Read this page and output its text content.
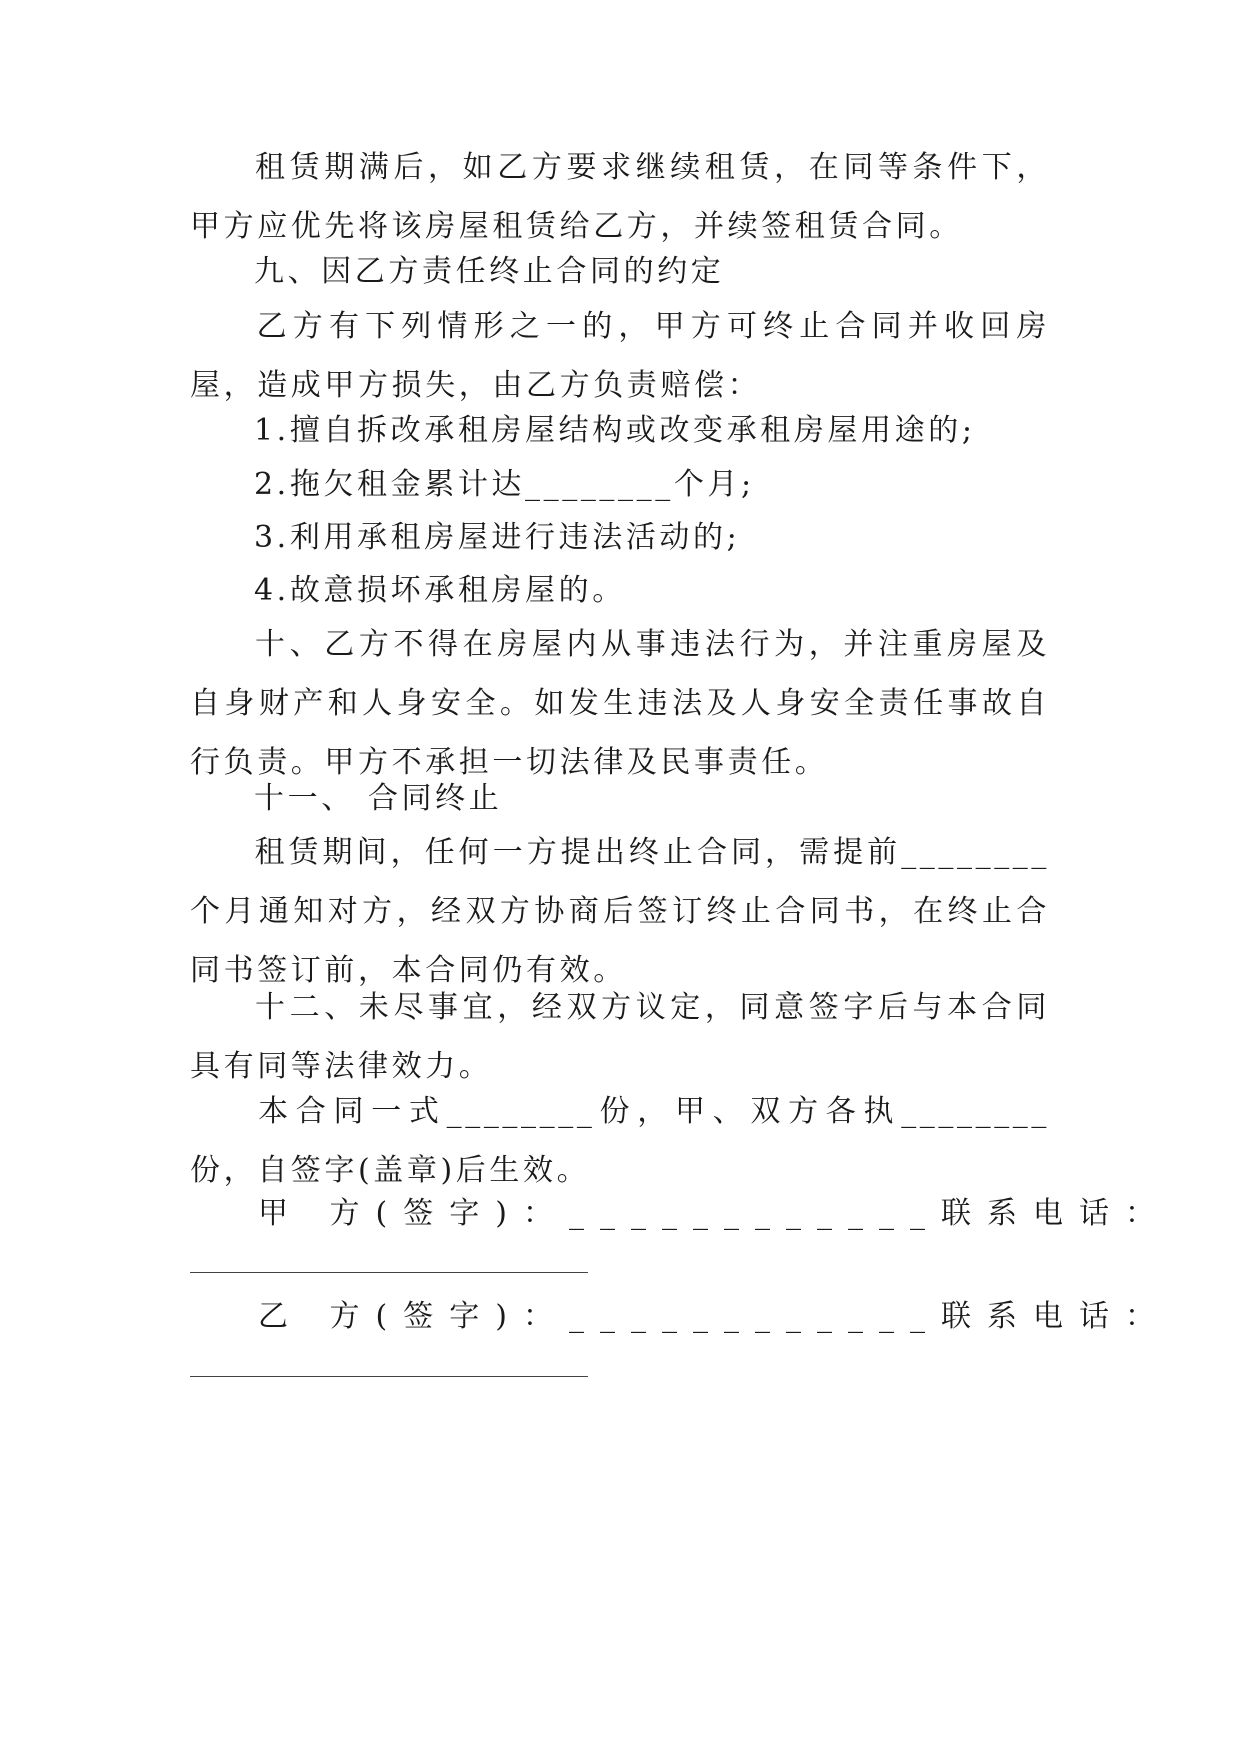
租赁期满后，如乙方要求继续租赁，在同等条件下，甲方应优先将该房屋租赁给乙方，并续签租赁合同。

九、因乙方责任终止合同的约定

乙方有下列情形之一的，甲方可终止合同并收回房屋，造成甲方损失，由乙方负责赔偿：

1.擅自拆改承租房屋结构或改变承租房屋用途的;

2.拖欠租金累计达________个月;

3.利用承租房屋进行违法活动的;

4.故意损坏承租房屋的。

十、乙方不得在房屋内从事违法行为，并注重房屋及自身财产和人身安全。如发生违法及人身安全责任事故自行负责。甲方不承担一切法律及民事责任。

十一、 合同终止

租赁期间，任何一方提出终止合同，需提前________个月通知对方，经双方协商后签订终止合同书，在终止合同书签订前，本合同仍有效。

十二、未尽事宜，经双方议定，同意签字后与本合同具有同等法律效力。

本合同一式________份，甲、双方各执________份，自签字(盖章)后生效。

甲 方(签字)：____________联系电话：
乙 方(签字)：____________联系电话：
